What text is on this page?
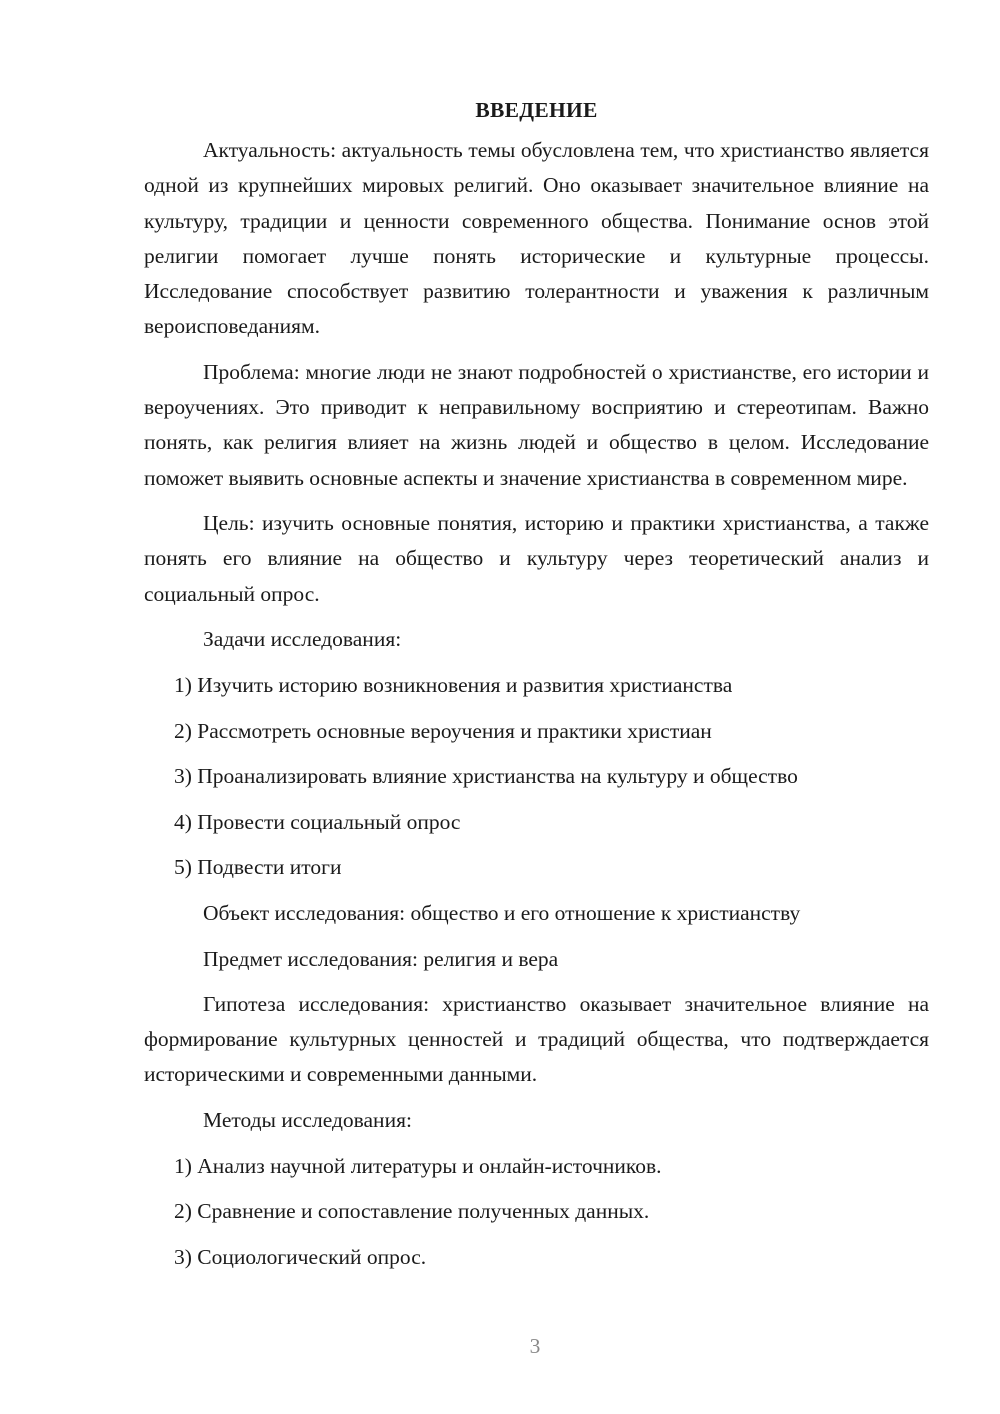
ВВЕДЕНИЕ

Актуальность: актуальность темы обусловлена тем, что христианство является одной из крупнейших мировых религий. Оно оказывает значительное влияние на культуру, традиции и ценности современного общества. Понимание основ этой религии помогает лучше понять исторические и культурные процессы. Исследование способствует развитию толерантности и уважения к различным вероисповеданиям.

Проблема: многие люди не знают подробностей о христианстве, его истории и вероучениях. Это приводит к неправильному восприятию и стереотипам. Важно понять, как религия влияет на жизнь людей и общество в целом. Исследование поможет выявить основные аспекты и значение христианства в современном мире.

Цель: изучить основные понятия, историю и практики христианства, а также понять его влияние на общество и культуру через теоретический анализ и социальный опрос.

Задачи исследования:

1) Изучить историю возникновения и развития христианства

2) Рассмотреть основные вероучения и практики христиан

3) Проанализировать влияние христианства на культуру и общество

4) Провести социальный опрос

5) Подвести итоги

Объект исследования: общество и его отношение к христианству

Предмет исследования: религия и вера

Гипотеза исследования: христианство оказывает значительное влияние на формирование культурных ценностей и традиций общества, что подтверждается историческими и современными данными.

Методы исследования:

1) Анализ научной литературы и онлайн-источников.

2) Сравнение и сопоставление полученных данных.

3) Социологический опрос.

3
